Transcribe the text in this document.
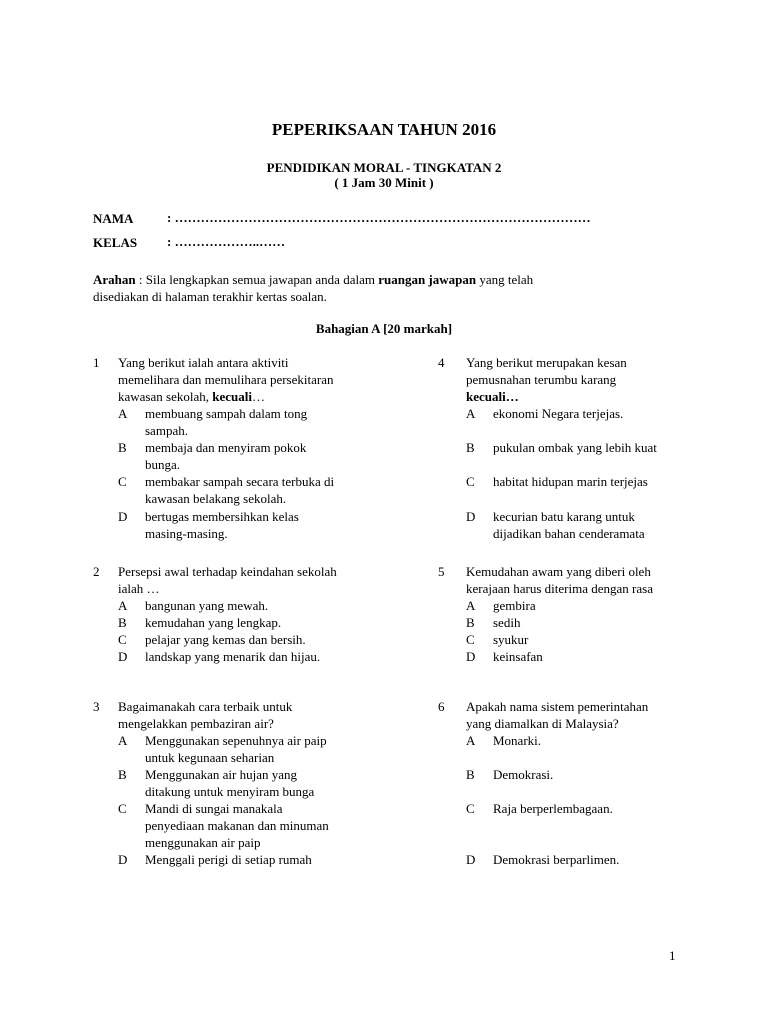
PEPERIKSAAN TAHUN 2016
PENDIDIKAN MORAL - TINGKATAN 2
( 1 Jam 30 Minit )
NAMA	: ……………………………………………………………………………………
KELAS : ………………..……
Arahan : Sila lengkapkan semua jawapan anda dalam ruangan jawapan yang telah
disediakan di halaman terakhir kertas soalan.
Bahagian A [20 markah]
1 Yang berikut ialah antara aktiviti
memelihara dan memulihara persekitaran
kawasan sekolah, kecuali…
A membuang sampah dalam tong
sampah.
B membaja dan menyiram pokok
bunga.
C membakar sampah secara terbuka di
kawasan belakang sekolah.
D bertugas membersihkan kelas
masing-masing.
2 Persepsi awal terhadap keindahan sekolah
ialah …
A bangunan yang mewah.
B kemudahan yang lengkap.
C pelajar yang kemas dan bersih.
D landskap yang menarik dan hijau.
3 Bagaimanakah cara terbaik untuk
mengelakkan pembaziran air?
A Menggunakan sepenuhnya air paip
untuk kegunaan seharian
B Menggunakan air hujan yang
ditakung untuk menyiram bunga
C Mandi di sungai manakala
penyediaan makanan dan minuman
menggunakan air paip
D Menggali perigi di setiap rumah
4 Yang berikut merupakan kesan
pemusnahan terumbu karang
kecuali…
A ekonomi Negara terjejas.
B pukulan ombak yang lebih kuat
C habitat hidupan marin terjejas
D kecurian batu karang untuk
dijadikan bahan cenderamata
5 Kemudahan awam yang diberi oleh
kerajaan harus diterima dengan rasa
A gembira
B sedih
C syukur
D keinsafan
6 Apakah nama sistem pemerintahan
yang diamalkan di Malaysia?
A Monarki.
B Demokrasi.
C Raja berperlembagaan.
D Demokrasi berparlimen.
1
